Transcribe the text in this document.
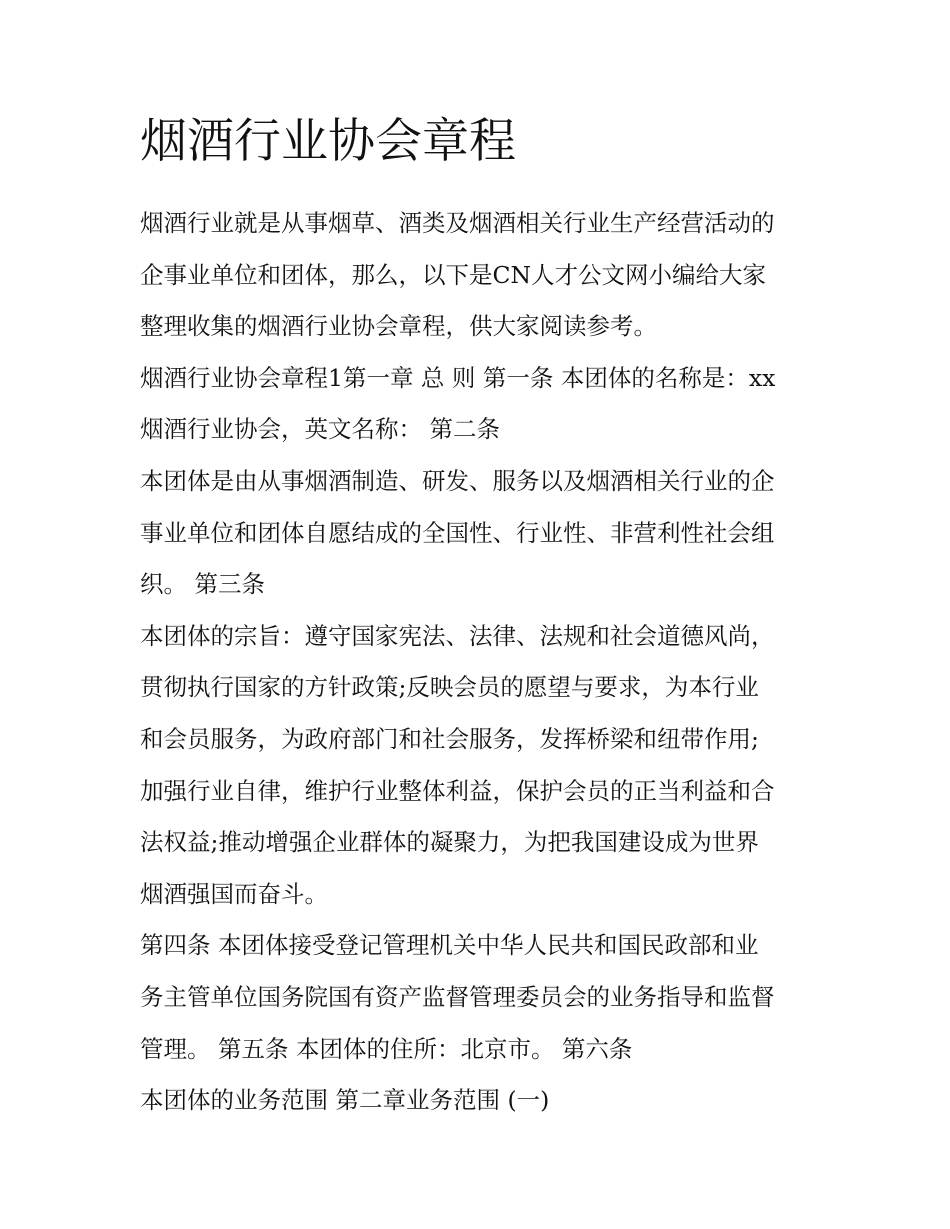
烟酒行业协会章程
烟酒行业就是从事烟草、酒类及烟酒相关行业生产经营活动的
企事业单位和团体，那么，以下是CN人才公文网小编给大家
整理收集的烟酒行业协会章程，供大家阅读参考。
烟酒行业协会章程1第一章 总 则 第一条 本团体的名称是：xx
烟酒行业协会，英文名称： 第二条
本团体是由从事烟酒制造、研发、服务以及烟酒相关行业的企
事业单位和团体自愿结成的全国性、行业性、非营利性社会组
织。 第三条
本团体的宗旨：遵守国家宪法、法律、法规和社会道德风尚，
贯彻执行国家的方针政策;反映会员的愿望与要求，为本行业
和会员服务，为政府部门和社会服务，发挥桥梁和纽带作用;
加强行业自律，维护行业整体利益，保护会员的正当利益和合
法权益;推动增强企业群体的凝聚力，为把我国建设成为世界
烟酒强国而奋斗。
第四条 本团体接受登记管理机关中华人民共和国民政部和业
务主管单位国务院国有资产监督管理委员会的业务指导和监督
管理。 第五条 本团体的住所：北京市。 第六条
本团体的业务范围 第二章业务范围 (一)
